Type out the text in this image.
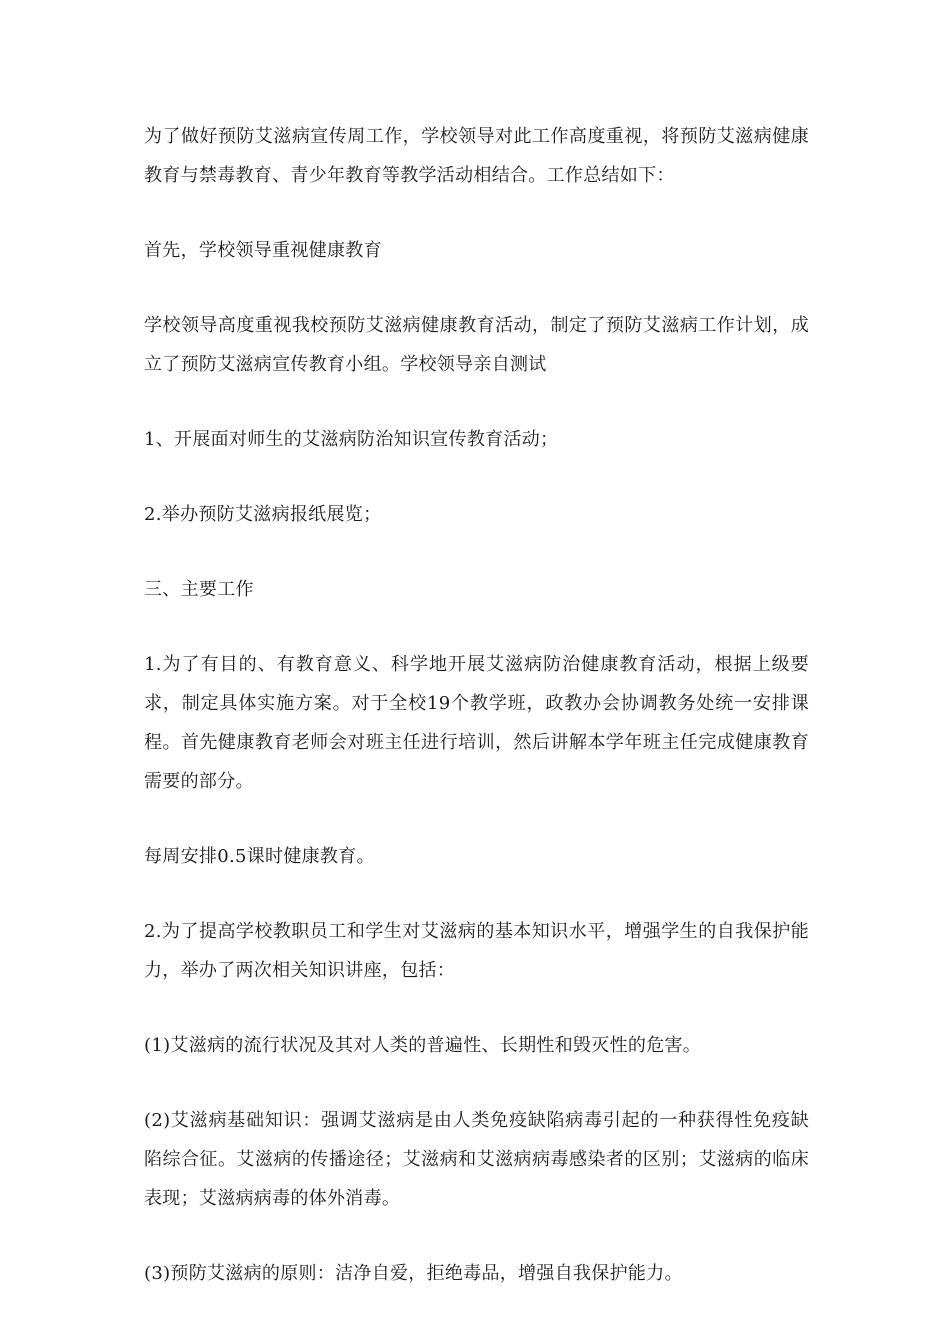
为了做好预防艾滋病宣传周工作，学校领导对此工作高度重视，将预防艾滋病健康教育与禁毒教育、青少年教育等教学活动相结合。工作总结如下：

首先，学校领导重视健康教育

学校领导高度重视我校预防艾滋病健康教育活动，制定了预防艾滋病工作计划，成立了预防艾滋病宣传教育小组。学校领导亲自测试

1、开展面对师生的艾滋病防治知识宣传教育活动；

2.举办预防艾滋病报纸展览；

三、主要工作

1.为了有目的、有教育意义、科学地开展艾滋病防治健康教育活动，根据上级要求，制定具体实施方案。对于全校19个教学班，政教办会协调教务处统一安排课程。首先健康教育老师会对班主任进行培训，然后讲解本学年班主任完成健康教育需要的部分。

每周安排0.5课时健康教育。

2.为了提高学校教职员工和学生对艾滋病的基本知识水平，增强学生的自我保护能力，举办了两次相关知识讲座，包括：

(1)艾滋病的流行状况及其对人类的普遍性、长期性和毁灭性的危害。

(2)艾滋病基础知识：强调艾滋病是由人类免疫缺陷病毒引起的一种获得性免疫缺陷综合征。艾滋病的传播途径；艾滋病和艾滋病病毒感染者的区别；艾滋病的临床表现；艾滋病病毒的体外消毒。

(3)预防艾滋病的原则：洁净自爱，拒绝毒品，增强自我保护能力。
